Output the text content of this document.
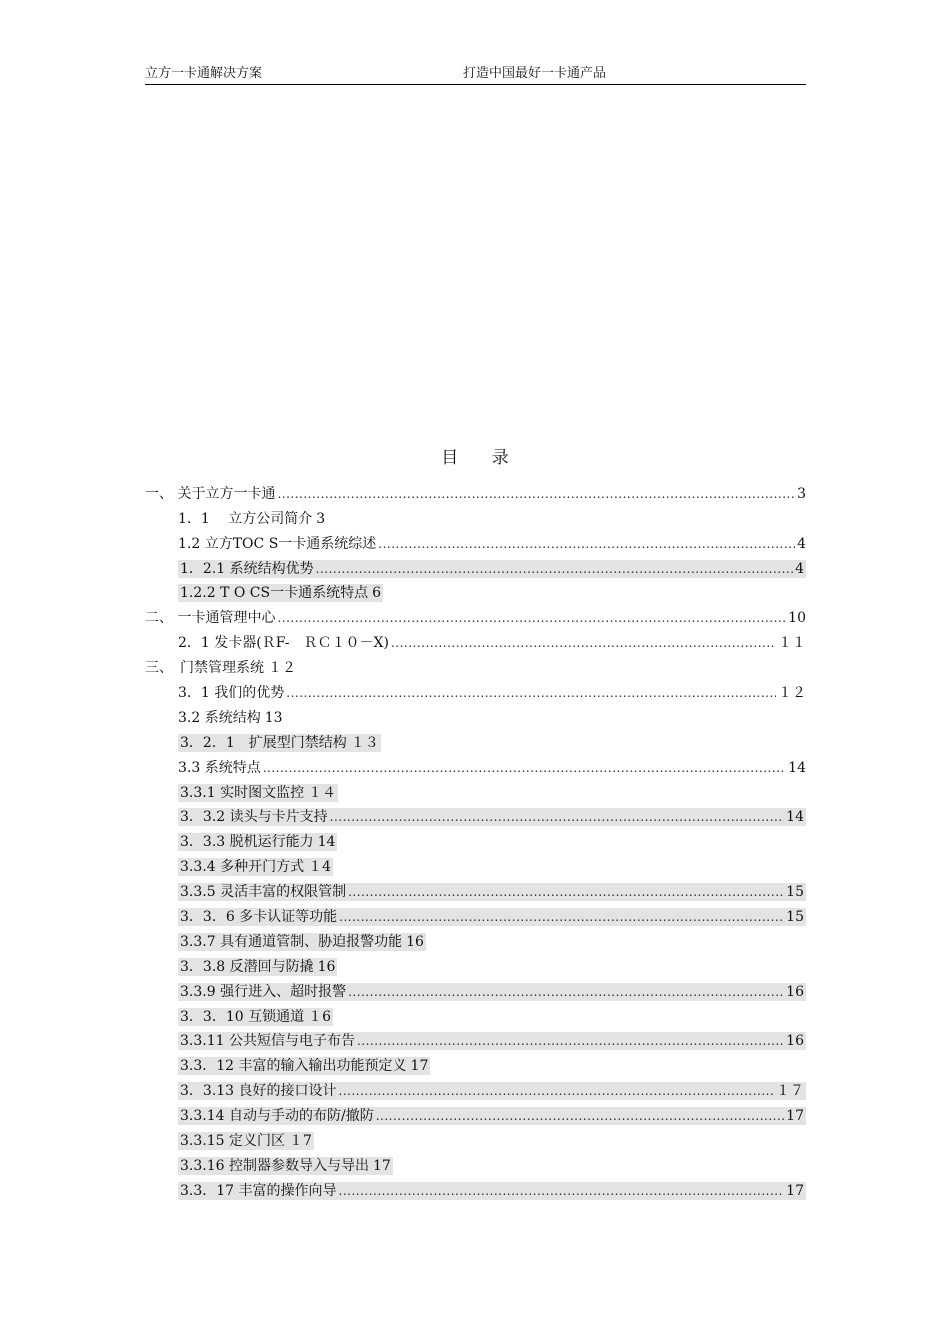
立方一卡通解决方案	打造中国最好一卡通产品
目 录
一、 关于立方一卡通 .....	3
1．1　 立方公司简介 3
1.2 立方TOC S一卡通系统综述 .....	4
1．2.1 系统结构优势 .....	4
1.2.2 T O CS一卡通系统特点 6
二、 一卡通管理中心 .....	10
2．1 发卡器(ＲF-　ＲＣ１０－X) .....	１１
三、　门禁管理系统 １２
3．1 我们的优势 .....	１２
3.2 系统结构 13
3．2．1　扩展型门禁结构 １３
3.3 系统特点 .....	14
3.3.1 实时图文监控 １４
3．3.2 读头与卡片支持 .....	14
3．3.3 脱机运行能力 14
3.3.4 多种开门方式 １4
3.3.5 灵活丰富的权限管制 .....	15
3．3．6 多卡认证等功能 .....	15
3.3.7 具有通道管制、胁迫报警功能 16
3．3.8 反潜回与防撬 16
3.3.9 强行进入、超时报警 .....	16
3．3．10 互锁通道 １6
3.3.11 公共短信与电子布告 .....	16
3.3．12 丰富的输入输出功能预定义 17
3．3.13 良好的接口设计 .....	１７
3.3.14 自动与手动的布防/撤防 .....	17
3.3.15 定义门区 １7
3.3.16 控制器参数导入与导出 17
3.3．17 丰富的操作向导 .....	17
